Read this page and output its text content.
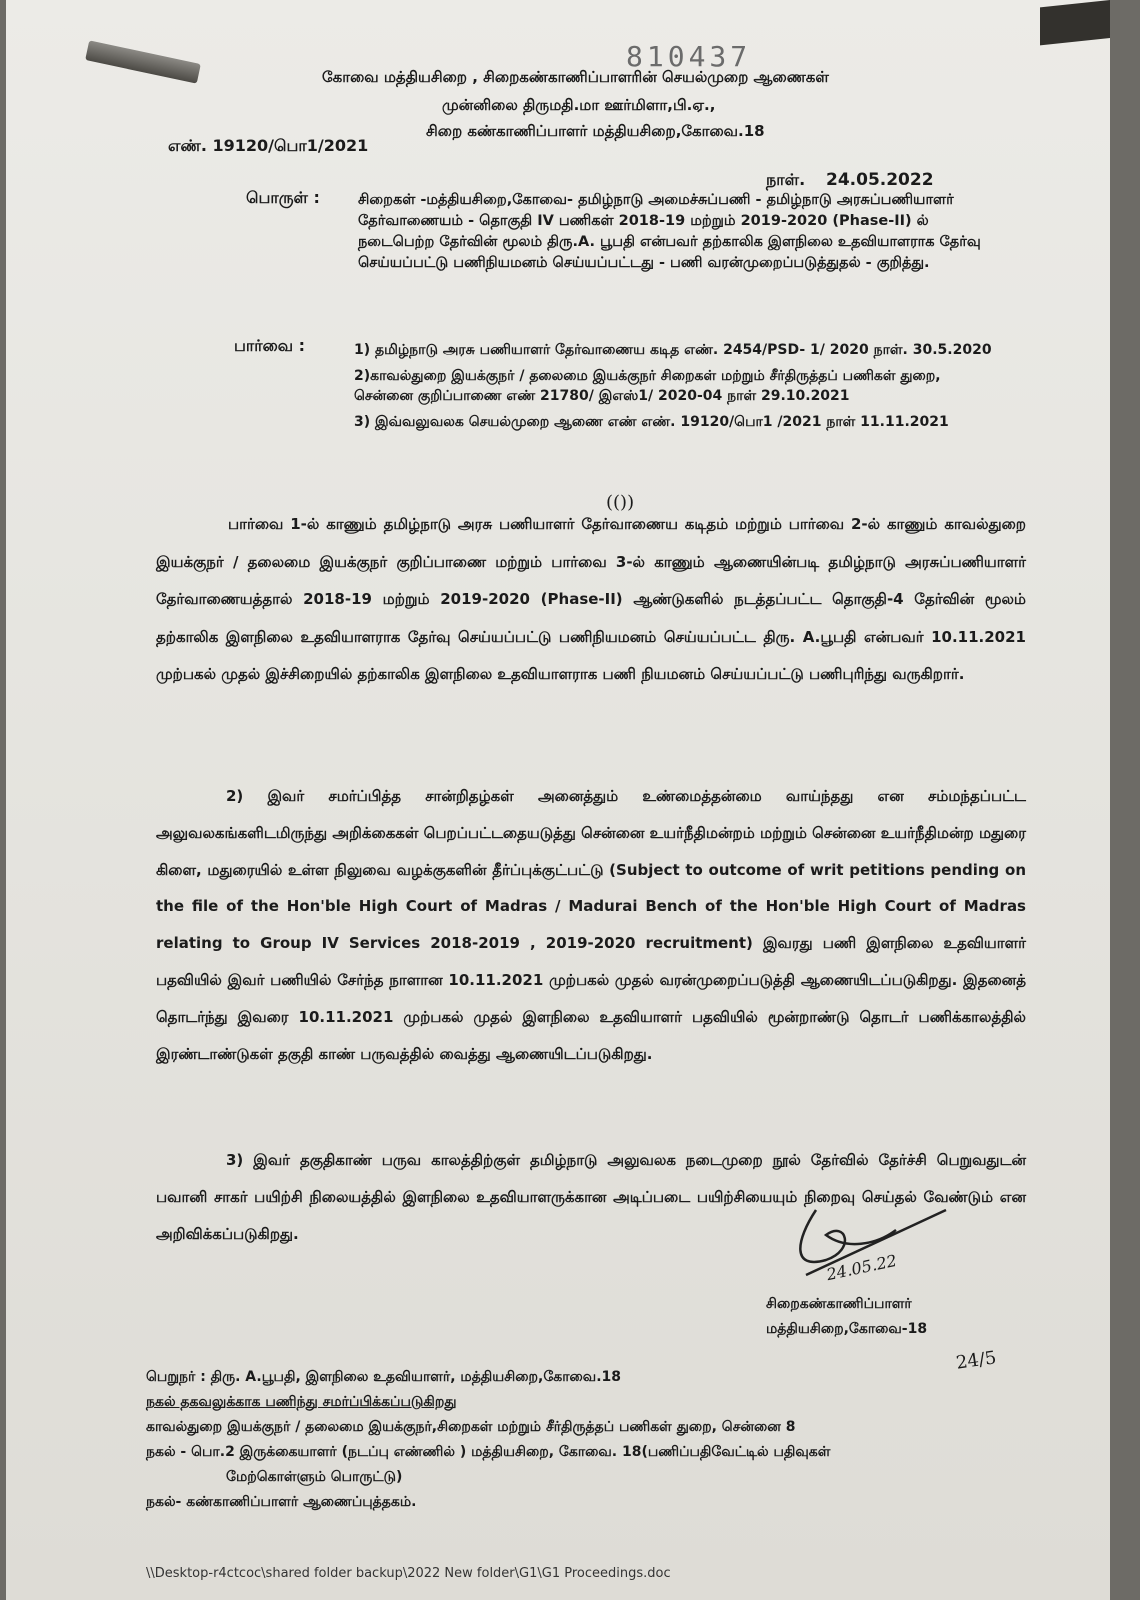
810437
கோவை மத்தியசிறை , சிறைகண்காணிப்பாளரின் செயல்முறை ஆணைகள்
முன்னிலை திருமதி.மா ஊர்மிளா,பி.ஏ.,
சிறை கண்காணிப்பாளர் மத்தியசிறை,கோவை.18
எண். 19120/பொ1/2021
நாள். 24.05.2022
பொருள் :	சிறைகள் -மத்தியசிறை,கோவை- தமிழ்நாடு அமைச்சுப்பணி - தமிழ்நாடு அரசுப்பணியாளர் தேர்வாணையம் - தொகுதி IV பணிகள் 2018-19 மற்றும் 2019-2020 (Phase-II) ல் நடைபெற்ற தேர்வின் மூலம் திரு.A. பூபதி என்பவர் தற்காலிக இளநிலை உதவியாளராக தேர்வு செய்யப்பட்டு பணிநியமனம் செய்யப்பட்டது - பணி வரன்முறைப்படுத்துதல் - குறித்து.
பார்வை :	1) தமிழ்நாடு அரசு பணியாளர் தேர்வாணைய கடித எண். 2454/PSD- 1/ 2020 நாள். 30.5.2020
2)காவல்துறை இயக்குநர் / தலைமை இயக்குநர் சிறைகள் மற்றும் சீர்திருத்தப் பணிகள் துறை, சென்னை குறிப்பாணை எண் 21780/ இஎஸ்1/ 2020-04 நாள் 29.10.2021
3) இவ்வலுவலக செயல்முறை ஆணை எண் எண். 19120/பொ1 /2021 நாள் 11.11.2021
(())
பார்வை 1-ல் காணும் தமிழ்நாடு அரசு பணியாளர் தேர்வாணைய கடிதம் மற்றும் பார்வை 2-ல் காணும் காவல்துறை இயக்குநர் / தலைமை இயக்குநர் குறிப்பாணை மற்றும் பார்வை 3-ல் காணும் ஆணையின்படி தமிழ்நாடு அரசுப்பணியாளர் தேர்வாணையத்தால் 2018-19 மற்றும் 2019-2020 (Phase-II) ஆண்டுகளில் நடத்தப்பட்ட தொகுதி-4 தேர்வின் மூலம் தற்காலிக இளநிலை உதவியாளராக தேர்வு செய்யப்பட்டு பணிநியமனம் செய்யப்பட்ட திரு. A.பூபதி என்பவர் 10.11.2021 முற்பகல் முதல் இச்சிறையில் தற்காலிக இளநிலை உதவியாளராக பணி நியமனம் செய்யப்பட்டு பணிபுரிந்து வருகிறார்.
2) இவர் சமர்ப்பித்த சான்றிதழ்கள் அனைத்தும் உண்மைத்தன்மை வாய்ந்தது என சம்மந்தப்பட்ட அலுவலகங்களிடமிருந்து அறிக்கைகள் பெறப்பட்டதையடுத்து சென்னை உயர்நீதிமன்றம் மற்றும் சென்னை உயர்நீதிமன்ற மதுரை கிளை, மதுரையில் உள்ள நிலுவை வழக்குகளின் தீர்ப்புக்குட்பட்டு (Subject to outcome of writ petitions pending on the file of the Hon'ble High Court of Madras / Madurai Bench of the Hon'ble High Court of Madras relating to Group IV Services 2018-2019 , 2019-2020 recruitment) இவரது பணி இளநிலை உதவியாளர் பதவியில் இவர் பணியில் சேர்ந்த நாளான 10.11.2021 முற்பகல் முதல் வரன்முறைப்படுத்தி ஆணையிடப்படுகிறது. இதனைத் தொடர்ந்து இவரை 10.11.2021 முற்பகல் முதல் இளநிலை உதவியாளர் பதவியில் மூன்றாண்டு தொடர் பணிக்காலத்தில் இரண்டாண்டுகள் தகுதி காண் பருவத்தில் வைத்து ஆணையிடப்படுகிறது.
3) இவர் தகுதிகாண் பருவ காலத்திற்குள் தமிழ்நாடு அலுவலக நடைமுறை நூல் தேர்வில் தேர்ச்சி பெறுவதுடன் பவானி சாகர் பயிற்சி நிலையத்தில் இளநிலை உதவியாளருக்கான அடிப்படை பயிற்சியையும் நிறைவு செய்தல் வேண்டும் என அறிவிக்கப்படுகிறது.
24.05.22
சிறைகண்காணிப்பாளர்
மத்தியசிறை,கோவை-18
24/5
பெறுநர் : திரு. A.பூபதி, இளநிலை உதவியாளர், மத்தியசிறை,கோவை.18
நகல் தகவலுக்காக பணிந்து சமர்ப்பிக்கப்படுகிறது
காவல்துறை இயக்குநர் / தலைமை இயக்குநர்,சிறைகள் மற்றும் சீர்திருத்தப் பணிகள் துறை, சென்னை 8
நகல் - பொ.2 இருக்கையாளர் (நடப்பு எண்ணில் ) மத்தியசிறை, கோவை. 18(பணிப்பதிவேட்டில் பதிவுகள்
மேற்கொள்ளும் பொருட்டு)
நகல்- கண்காணிப்பாளர் ஆணைப்புத்தகம்.
\\Desktop-r4ctcoc\shared folder backup\2022 New folder\G1\G1 Proceedings.doc
